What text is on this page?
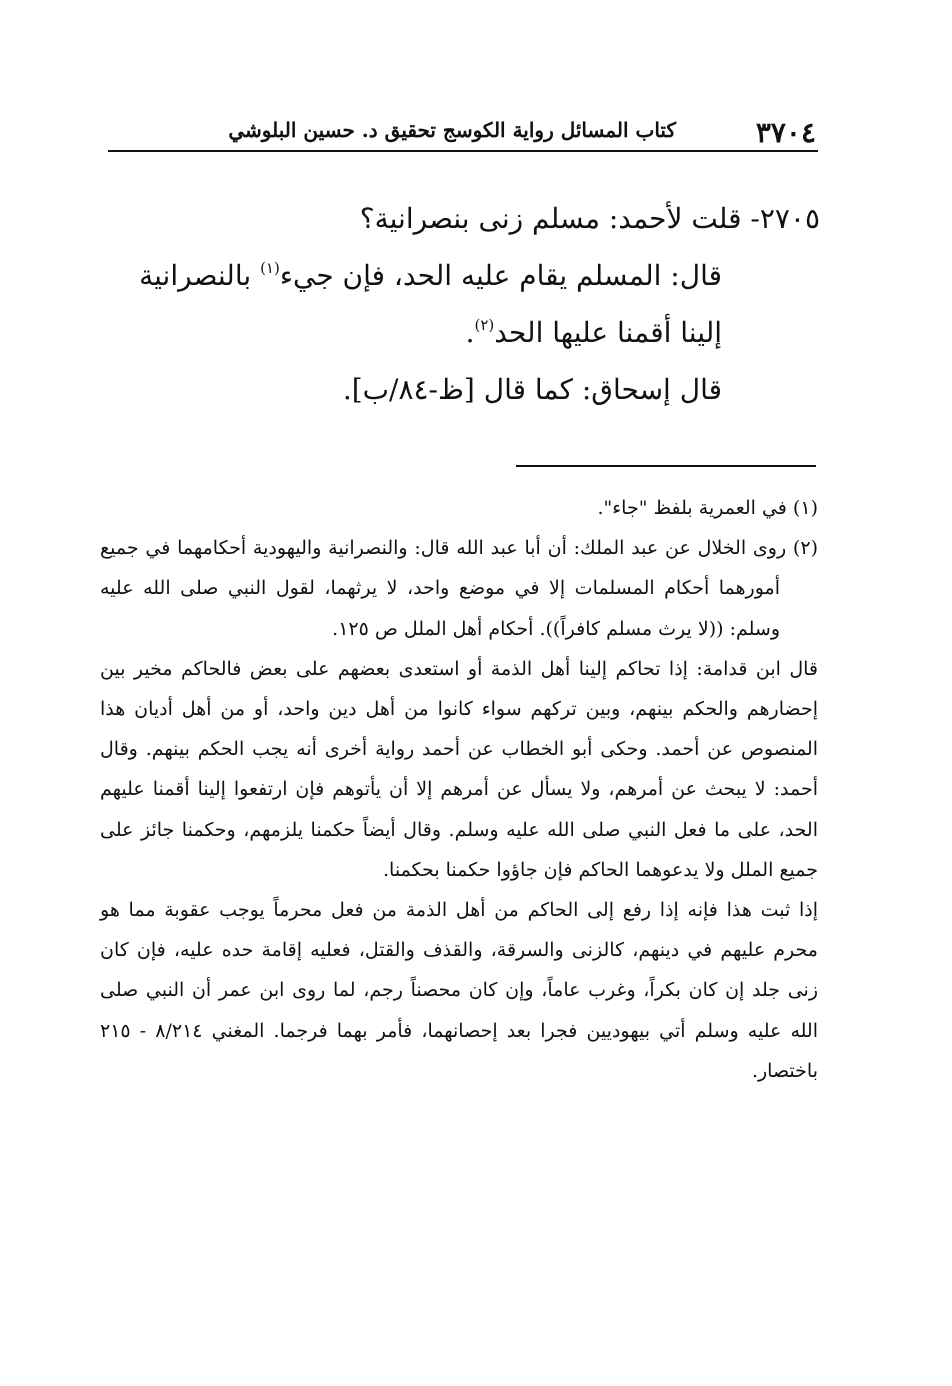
٣٧٠٤
كتاب المسائل رواية الكوسج تحقيق د. حسين البلوشي

٢٧٠٥- قلت لأحمد: مسلم زنى بنصرانية؟

قال: المسلم يقام عليه الحد، فإن جيء$^{(١)}$ بالنصرانية إلينا أقمنا عليها الحد$^{(٢)}$.

قال إسحاق: كما قال [ظ-٨٤/ب].

(١) في العمرية بلفظ "جاء".

(٢) روى الخلال عن عبد الملك: أن أبا عبد الله قال: والنصرانية واليهودية أحكامهما في جميع أمورهما أحكام المسلمات إلا في موضع واحد، لا يرثهما، لقول النبي صلى الله عليه وسلم: ((لا يرث مسلم كافراً)). أحكام أهل الملل ص ١٢٥.

قال ابن قدامة: إذا تحاكم إلينا أهل الذمة أو استعدى بعضهم على بعض فالحاكم مخير بين إحضارهم والحكم بينهم، وبين تركهم سواء كانوا من أهل دين واحد، أو من أهل أديان هذا المنصوص عن أحمد. وحكى أبو الخطاب عن أحمد رواية أخرى أنه يجب الحكم بينهم. وقال أحمد: لا يبحث عن أمرهم، ولا يسأل عن أمرهم إلا أن يأتوهم فإن ارتفعوا إلينا أقمنا عليهم الحد، على ما فعل النبي صلى الله عليه وسلم. وقال أيضاً حكمنا يلزمهم، وحكمنا جائز على جميع الملل ولا يدعوهما الحاكم فإن جاؤوا حكمنا بحكمنا.

إذا ثبت هذا فإنه إذا رفع إلى الحاكم من أهل الذمة من فعل محرماً يوجب عقوبة مما هو محرم عليهم في دينهم، كالزنى والسرقة، والقذف والقتل، فعليه إقامة حده عليه، فإن كان زنى جلد إن كان بكراً، وغرب عاماً، وإن كان محصناً رجم، لما روى ابن عمر أن النبي صلى الله عليه وسلم أتي بيهوديين فجرا بعد إحصانهما، فأمر بهما فرجما. المغني ٨/٢١٤ - ٢١٥ باختصار.
